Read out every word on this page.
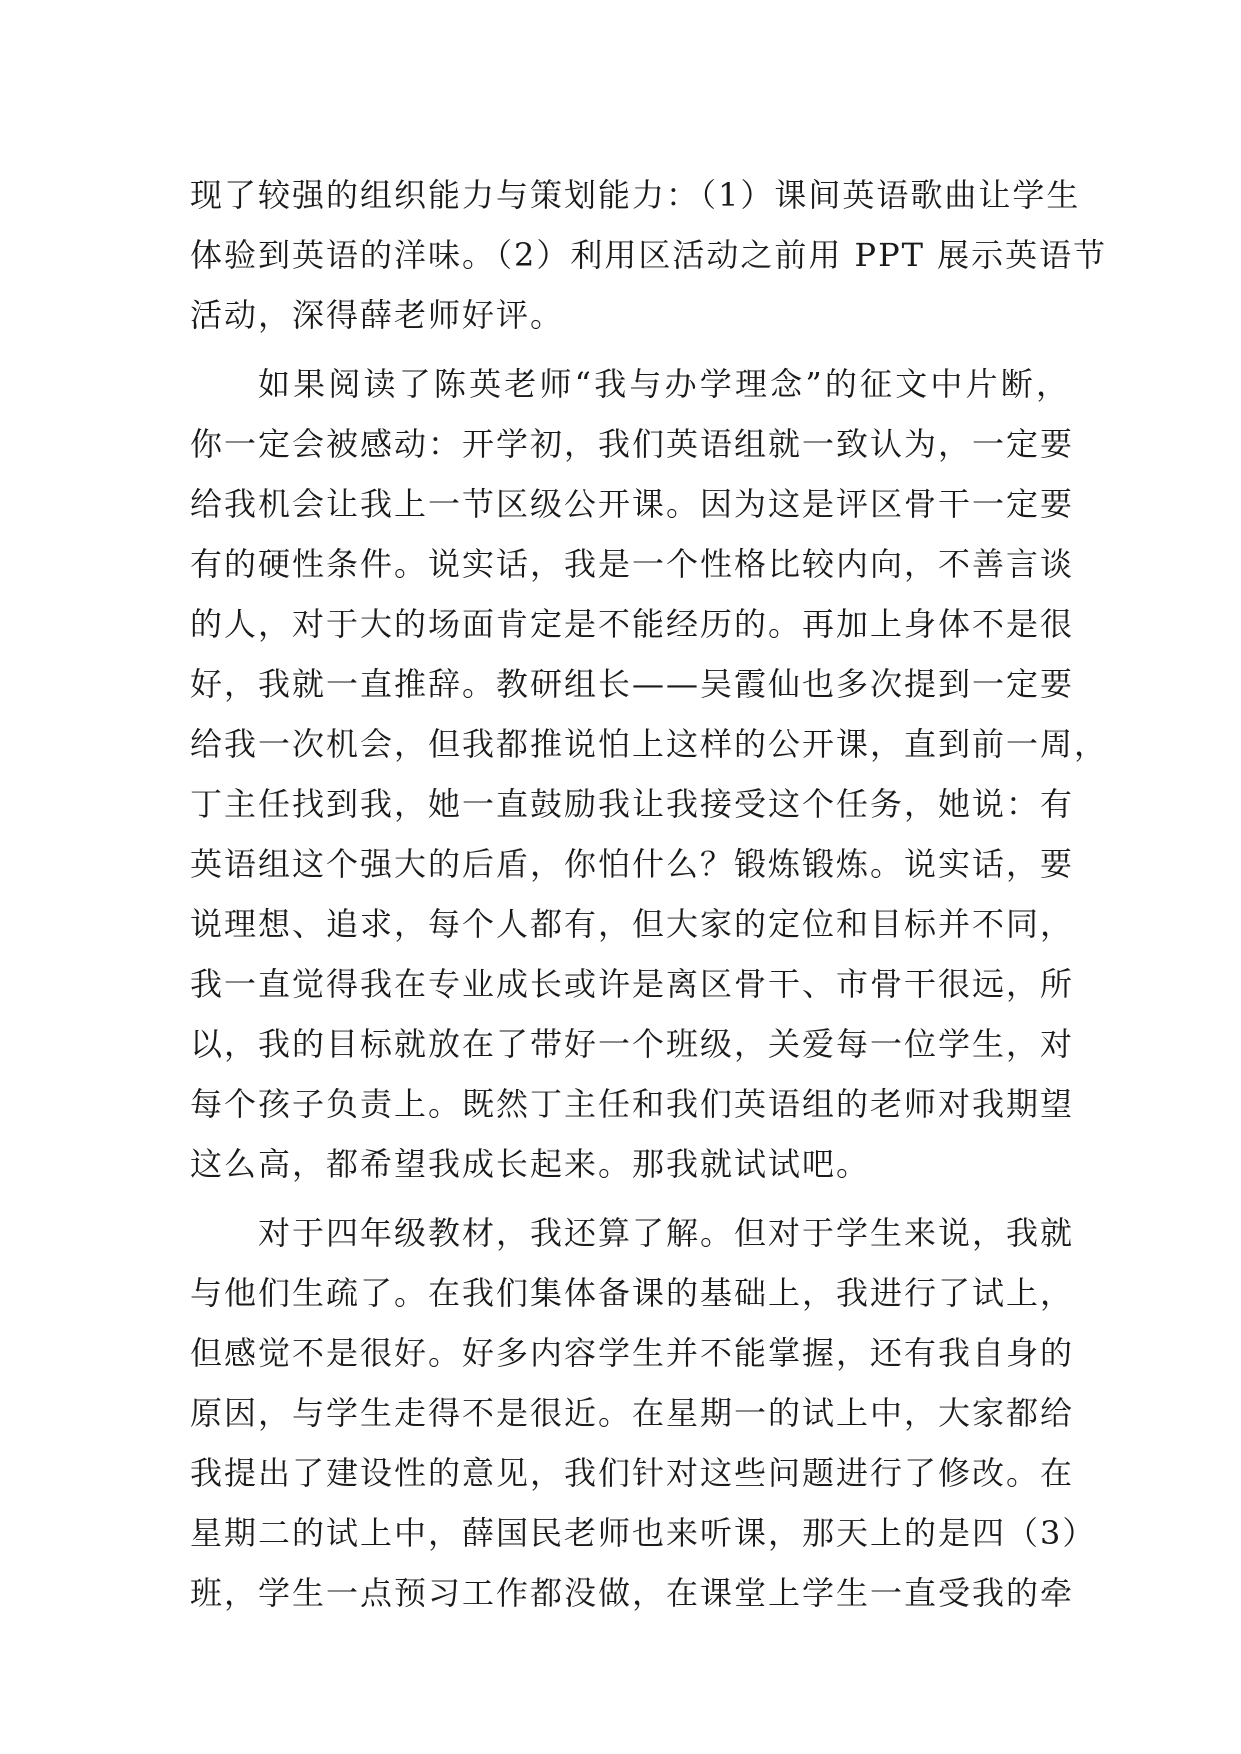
现了较强的组织能力与策划能力：（1）课间英语歌曲让学生
体验到英语的洋味。（2）利用区活动之前用 PPT 展示英语节
活动，深得薛老师好评。
如果阅读了陈英老师“我与办学理念”的征文中片断，
你一定会被感动：开学初，我们英语组就一致认为，一定要
给我机会让我上一节区级公开课。因为这是评区骨干一定要
有的硬性条件。说实话，我是一个性格比较内向，不善言谈
的人，对于大的场面肯定是不能经历的。再加上身体不是很
好，我就一直推辞。教研组长——吴霞仙也多次提到一定要
给我一次机会，但我都推说怕上这样的公开课，直到前一周，
丁主任找到我，她一直鼓励我让我接受这个任务，她说：有
英语组这个强大的后盾，你怕什么？锻炼锻炼。说实话，要
说理想、追求，每个人都有，但大家的定位和目标并不同，
我一直觉得我在专业成长或许是离区骨干、市骨干很远，所
以，我的目标就放在了带好一个班级，关爱每一位学生，对
每个孩子负责上。既然丁主任和我们英语组的老师对我期望
这么高，都希望我成长起来。那我就试试吧。
对于四年级教材，我还算了解。但对于学生来说，我就
与他们生疏了。在我们集体备课的基础上，我进行了试上，
但感觉不是很好。好多内容学生并不能掌握，还有我自身的
原因，与学生走得不是很近。在星期一的试上中，大家都给
我提出了建设性的意见，我们针对这些问题进行了修改。在
星期二的试上中，薛国民老师也来听课，那天上的是四（3）
班，学生一点预习工作都没做，在课堂上学生一直受我的牵
